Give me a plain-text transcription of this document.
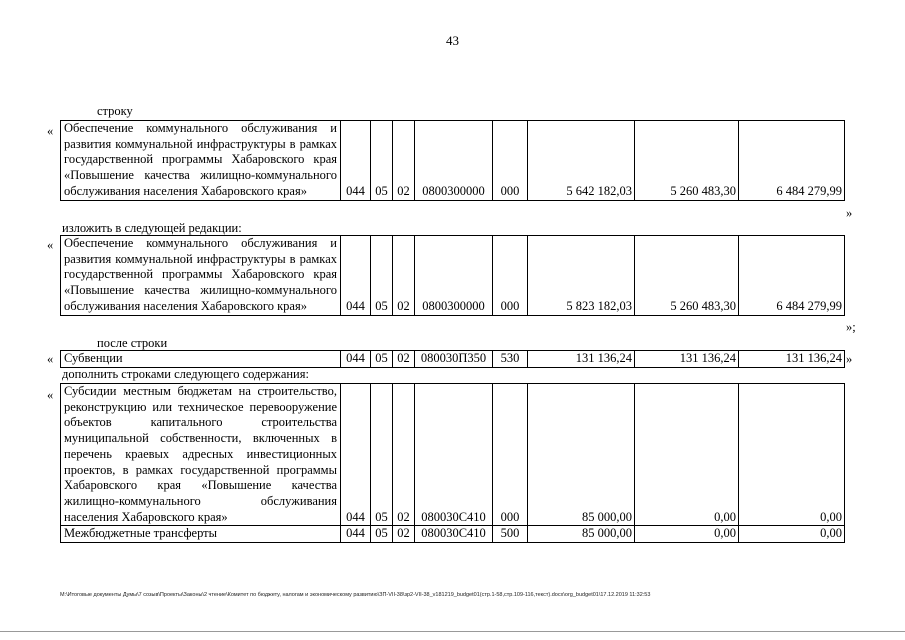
43
строку
« Обеспечение коммунального обслуживания и развития коммунальной инфраструктуры в рамках государственной программы Хабаровского края «Повышение качества жилищно-коммунального обслуживания населения Хабаровского края»	044	05	02	0800300000	000	5 642 182,03	5 260 483,30	6 484 279,99
»
изложить в следующей редакции:
« Обеспечение коммунального обслуживания и развития коммунальной инфраструктуры в рамках государственной программы Хабаровского края «Повышение качества жилищно-коммунального обслуживания населения Хабаровского края»	044	05	02	0800300000	000	5 823 182,03	5 260 483,30	6 484 279,99
»;
после строки
« Субвенции	044	05	02	080030П350	530	131 136,24	131 136,24	131 136,24 »
дополнить строками следующего содержания:
« Субсидии местным бюджетам на строительство, реконструкцию или техническое перевооружение объектов капитального строительства муниципальной собственности, включенных в перечень краевых адресных инвестиционных проектов, в рамках государственной программы Хабаровского края «Повышение качества жилищно-коммунального обслуживания населения Хабаровского края»	044	05	02	080030С410	000	85 000,00	0,00	0,00
Межбюджетные трансферты	044	05	02	080030С410	500	85 000,00	0,00	0,00
M:\Итоговые документы Думы\7 созыв\Проекты\Законы\2 чтение\Комитет по бюджету, налогам и экономическому развитию\ЗП-VII-38\зр2-VII-38_v181219_budget01(стр.1-58,стр.109-116,текст).docx\org_budget01\17.12.2019 11:32:53
